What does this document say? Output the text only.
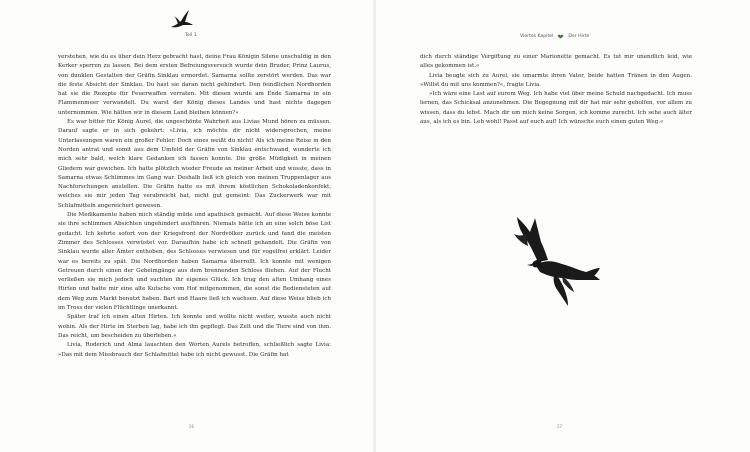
Teil 1

verstehen, wie du es über dein Herz gebracht hast, deine Frau Königin Silene unschuldig in den Kerker sperren zu lassen. Bei dem ersten Befreiungsversuch wurde dein Bruder, Prinz Laurus, von dunklen Gestalten der Gräfin Sinklau ermordet. Samarna sollte zerstört werden. Das war die feste Absicht der Sinklau. Du hast sie daran nicht gehindert. Den feindlichen Nordhorden hat sie die Rezepte für Feuerwaffen verraten. Mit diesen wurde am Ende Samarna in ein Flammenmeer verwandelt. Du warst der König dieses Landes und hast nichts dagegen unternommen. Wie hätten wir in diesem Land bleiben können?«

Es war bitter für König Aurel, die ungeschönte Wahrheit aus Livias Mund hören zu müssen. Darauf sagte er in sich gekehrt: »Livia, ich möchte dir nicht widersprechen, meine Unterlassungen waren ein großer Fehler. Doch eines weißt du nicht! Als ich meine Reise in den Norden antrat und somit aus dem Umfeld der Gräfin von Sinklau entschwand, wunderte ich mich sehr bald, welch klare Gedanken ich fassen konnte. Die große Müdigkeit in meinen Gliedern war gewichen. Ich hatte plötzlich wieder Freude an meiner Arbeit und wusste, dass in Samarna etwas Schlimmes im Gang war. Deshalb ließ ich gleich von meinen Truppenlager aus Nachforschungen anstellen. Die Gräfin hatte es mit ihrem köstlichen Schokoladenkonfekt, welches sie mir jeden Tag verabreicht hat, nicht gut gemeint: Das Zuckerwerk war mit Schlafmitteln angereichert gewesen.

Die Medikamente haben mich ständig müde und apathisch gemacht. Auf diese Weise konnte sie ihre schlimmen Absichten ungehindert ausführen. Niemals hätte ich an eine solch böse List gedacht. Ich kehrte sofort von der Kriegsfront der Nordvölker zurück und fand die meisten Zimmer des Schlosses verwüstet vor. Daraufhin habe ich schnell gehandelt. Die Gräfin von Sinklau wurde aller Ämter enthoben, des Schlosses verwiesen und für vogelfrei erklärt. Leider war es bereits zu spät. Die Nordhorden haben Samarna überrollt. Ich konnte mit wenigen Getreuen durch einen der Geheimgänge aus dem brennenden Schloss fliehen. Auf der Flucht verließen sie mich jedoch und suchten ihr eigenes Glück. Ich trug den alten Umhang eines Hirten und hatte mir eine alte Kutsche vom Hof mitgenommen, die sonst die Bediensteten auf dem Weg zum Markt benutzt haben. Bart und Haare ließ ich wachsen. Auf diese Weise blieb ich im Tross der vielen Flüchtlinge unerkannt.

Später traf ich einen alten Hirten. Ich konnte und wollte nicht weiter, wusste auch nicht wohin. Als der Hirte im Sterben lag, habe ich ihn gepflegt. Das Zelt und die Tiere sind von ihm. Das reicht, um bescheiden zu überleben.«

Livia, Roderich und Alma lauschten den Worten Aurels betroffen, schließlich sagte Livia: »Das mit dem Missbrauch der Schlafmittel habe ich nicht gewusst. Die Gräfin hat

26
Viertes Kapitel	Der Hirte

dich durch ständige Vergiftung zu einer Marionette gemacht. Es tut mir unendlich leid, wie alles gekommen ist.«

Livia beugte sich zu Aurel, sie umarmte ihren Vater, beide hatten Tränen in den Augen. »Willst du mit uns kommen?«, fragte Livia.

»Ich wäre eine Last auf eurem Weg. Ich habe viel über meine Schuld nachgedacht. Ich muss lernen, das Schicksal anzunehmen. Die Begegnung mit dir hat mir sehr geholfen, vor allem zu wissen, dass du lebst. Mach dir um mich keine Sorgen, ich komme zurecht. Ich sehe auch älter aus, als ich es bin. Leb wohl! Passt auf euch auf! Ich wünsche euch einen guten Weg.«

27
